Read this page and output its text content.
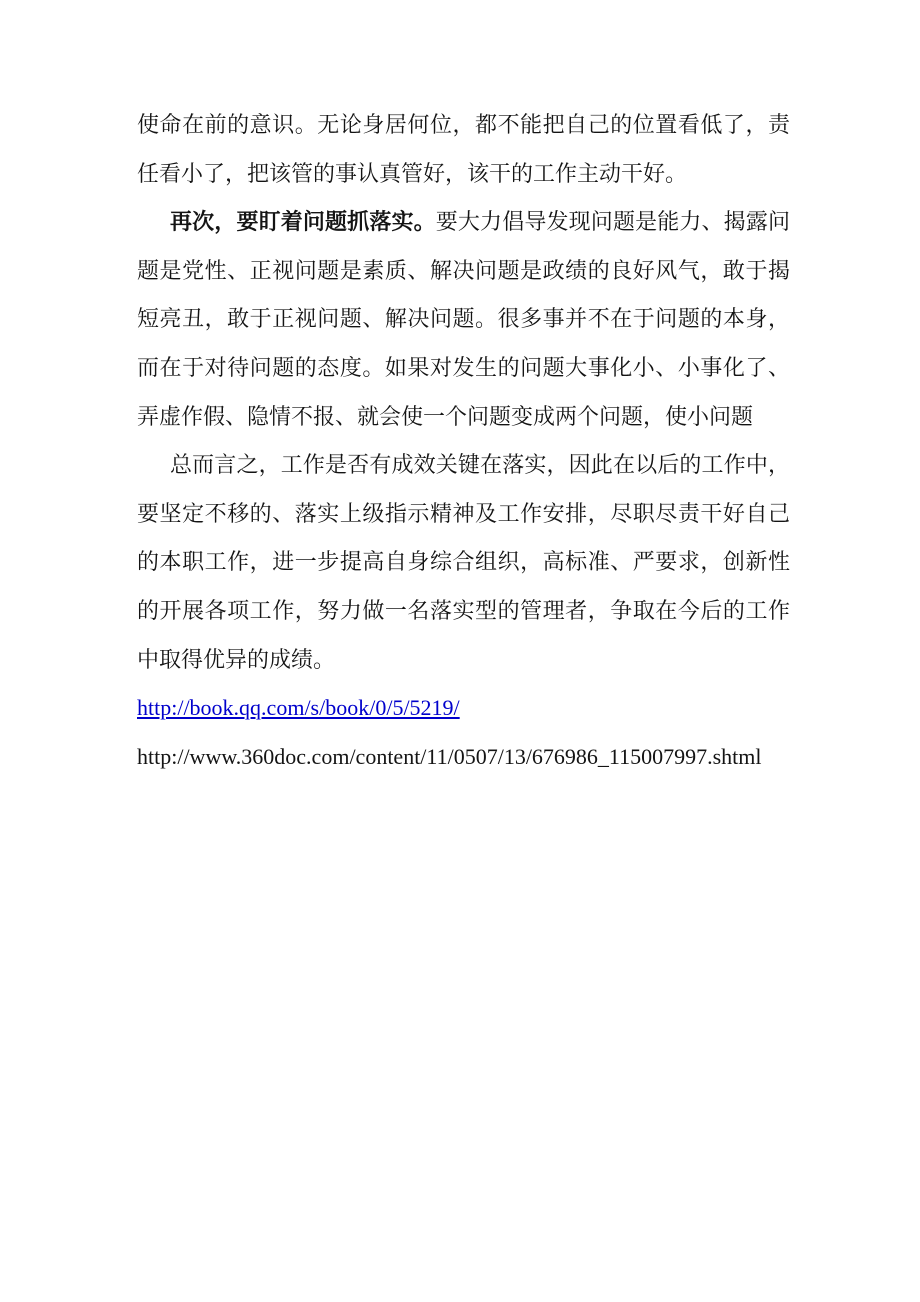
使命在前的意识。无论身居何位，都不能把自己的位置看低了，责任看小了，把该管的事认真管好，该干的工作主动干好。

再次，要盯着问题抓落实。要大力倡导发现问题是能力、揭露问题是党性、正视问题是素质、解决问题是政绩的良好风气，敢于揭短亮丑，敢于正视问题、解决问题。很多事并不在于问题的本身，而在于对待问题的态度。如果对发生的问题大事化小、小事化了、弄虚作假、隐情不报、就会使一个问题变成两个问题，使小问题

总而言之，工作是否有成效关键在落实，因此在以后的工作中，要坚定不移的、落实上级指示精神及工作安排，尽职尽责干好自己的本职工作，进一步提高自身综合组织，高标准、严要求，创新性的开展各项工作，努力做一名落实型的管理者，争取在今后的工作中取得优异的成绩。

http://book.qq.com/s/book/0/5/5219/

http://www.360doc.com/content/11/0507/13/676986_115007997.shtml
